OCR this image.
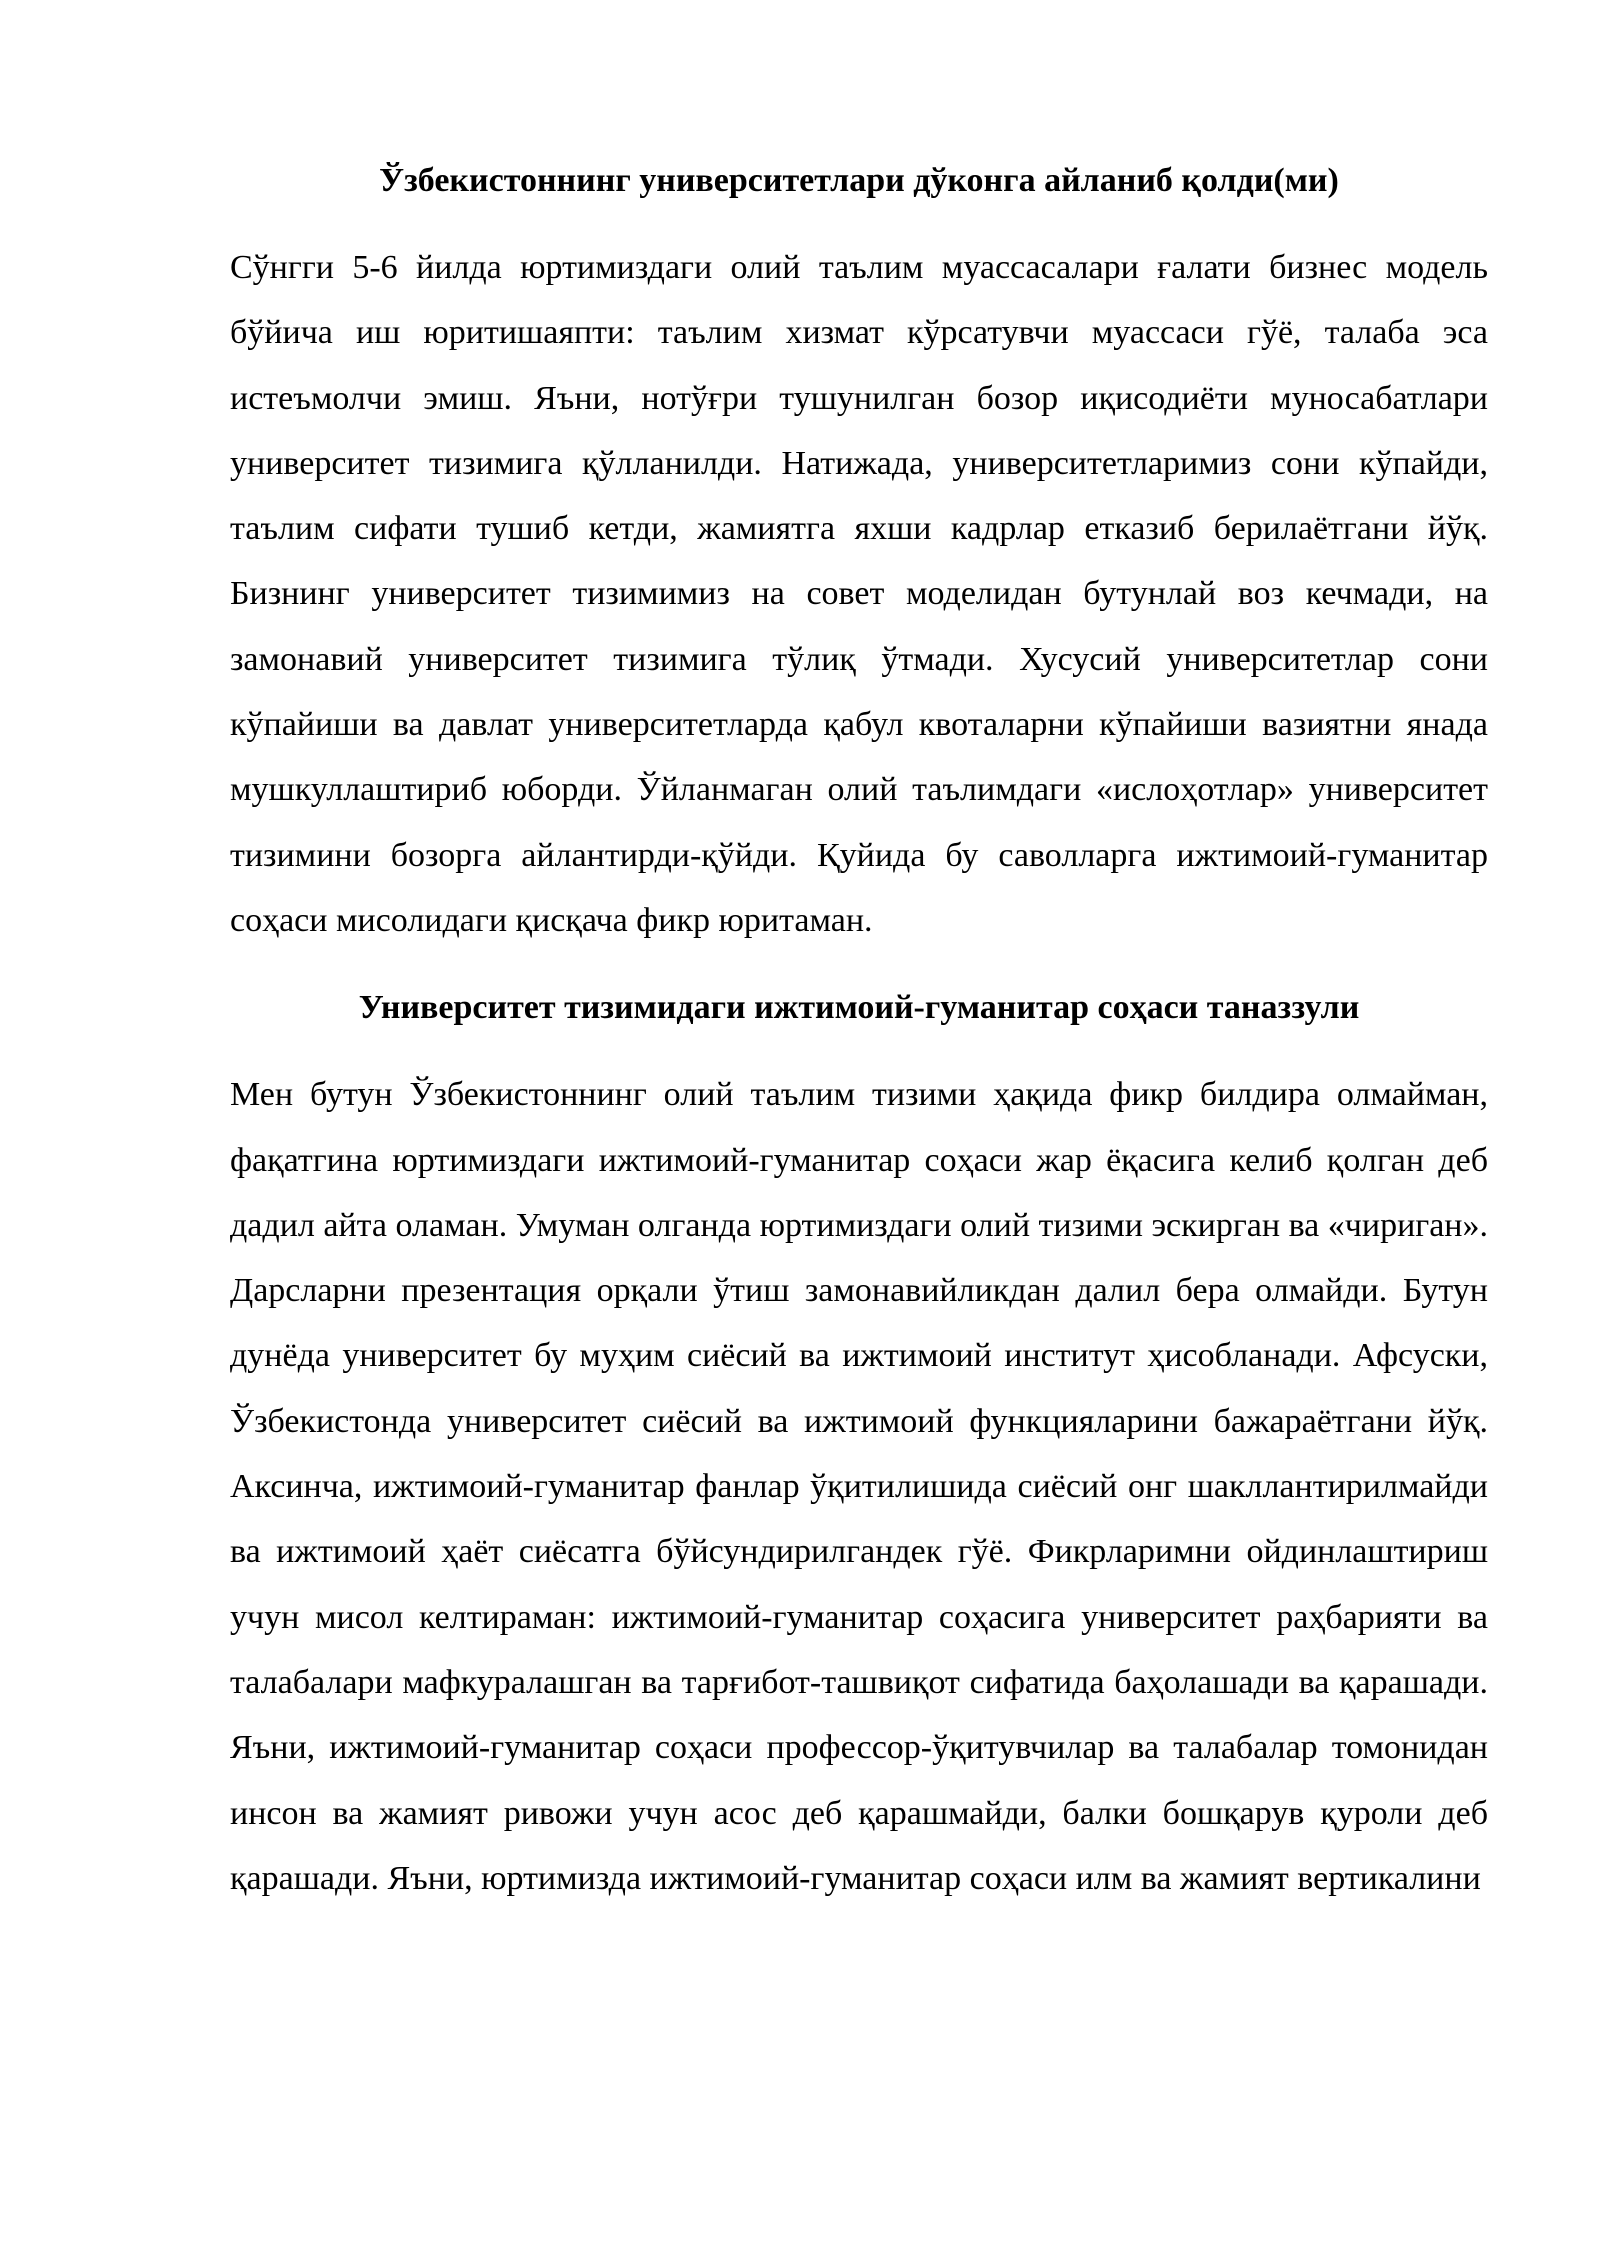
Ўзбекистоннинг университетлари дўконга айланиб қолди(ми)

Сўнгги 5-6 йилда юртимиздаги олий таълим муассасалари ғалати бизнес модель бўйича иш юритишаяпти: таълим хизмат кўрсатувчи муассаси гўё, талаба эса истеъмолчи эмиш. Яъни, нотўғри тушунилган бозор иқисодиёти муносабатлари университет тизимига қўлланилди. Натижада, университетларимиз сони кўпайди, таълим сифати тушиб кетди, жамиятга яхши кадрлар етказиб берилаётгани йўқ. Бизнинг университет тизимимиз на совет моделидан бутунлай воз кечмади, на замонавий университет тизимига тўлиқ ўтмади. Хусусий университетлар сони кўпайиши ва давлат университетларда қабул квоталарни кўпайиши вазиятни янада мушкуллаштириб юборди. Ўйланмаган олий таълимдаги «ислоҳотлар» университет тизимини бозорга айлантирди-қўйди. Қуйида бу саволларга ижтимоий-гуманитар соҳаси мисолидаги қисқача фикр юритаман.

Университет тизимидаги ижтимоий-гуманитар соҳаси таназзули

Мен бутун Ўзбекистоннинг олий таълим тизими ҳақида фикр билдира олмайман, фақатгина юртимиздаги ижтимоий-гуманитар соҳаси жар ёқасига келиб қолган деб дадил айта оламан. Умуман олганда юртимиздаги олий тизими эскирган ва «чириган». Дарсларни презентация орқали ўтиш замонавийликдан далил бера олмайди. Бутун дунёда университет бу муҳим сиёсий ва ижтимоий институт ҳисобланади. Афсуски, Ўзбекистонда университет сиёсий ва ижтимоий функцияларини бажараётгани йўқ. Аксинча, ижтимоий-гуманитар фанлар ўқитилишида сиёсий онг шакллантирилмайди ва ижтимоий ҳаёт сиёсатга бўйсундирилгандек гўё. Фикрларимни ойдинлаштириш учун мисол келтираман: ижтимоий-гуманитар соҳасига университет раҳбарияти ва талабалари мафкуралашган ва тарғибот-ташвиқот сифатида баҳолашади ва қарашади. Яъни, ижтимоий-гуманитар соҳаси профессор-ўқитувчилар ва талабалар томонидан инсон ва жамият ривожи учун асос деб қарашмайди, балки бошқарув қуроли деб қарашади. Яъни, юртимизда ижтимоий-гуманитар соҳаси илм ва жамият вертикалини
